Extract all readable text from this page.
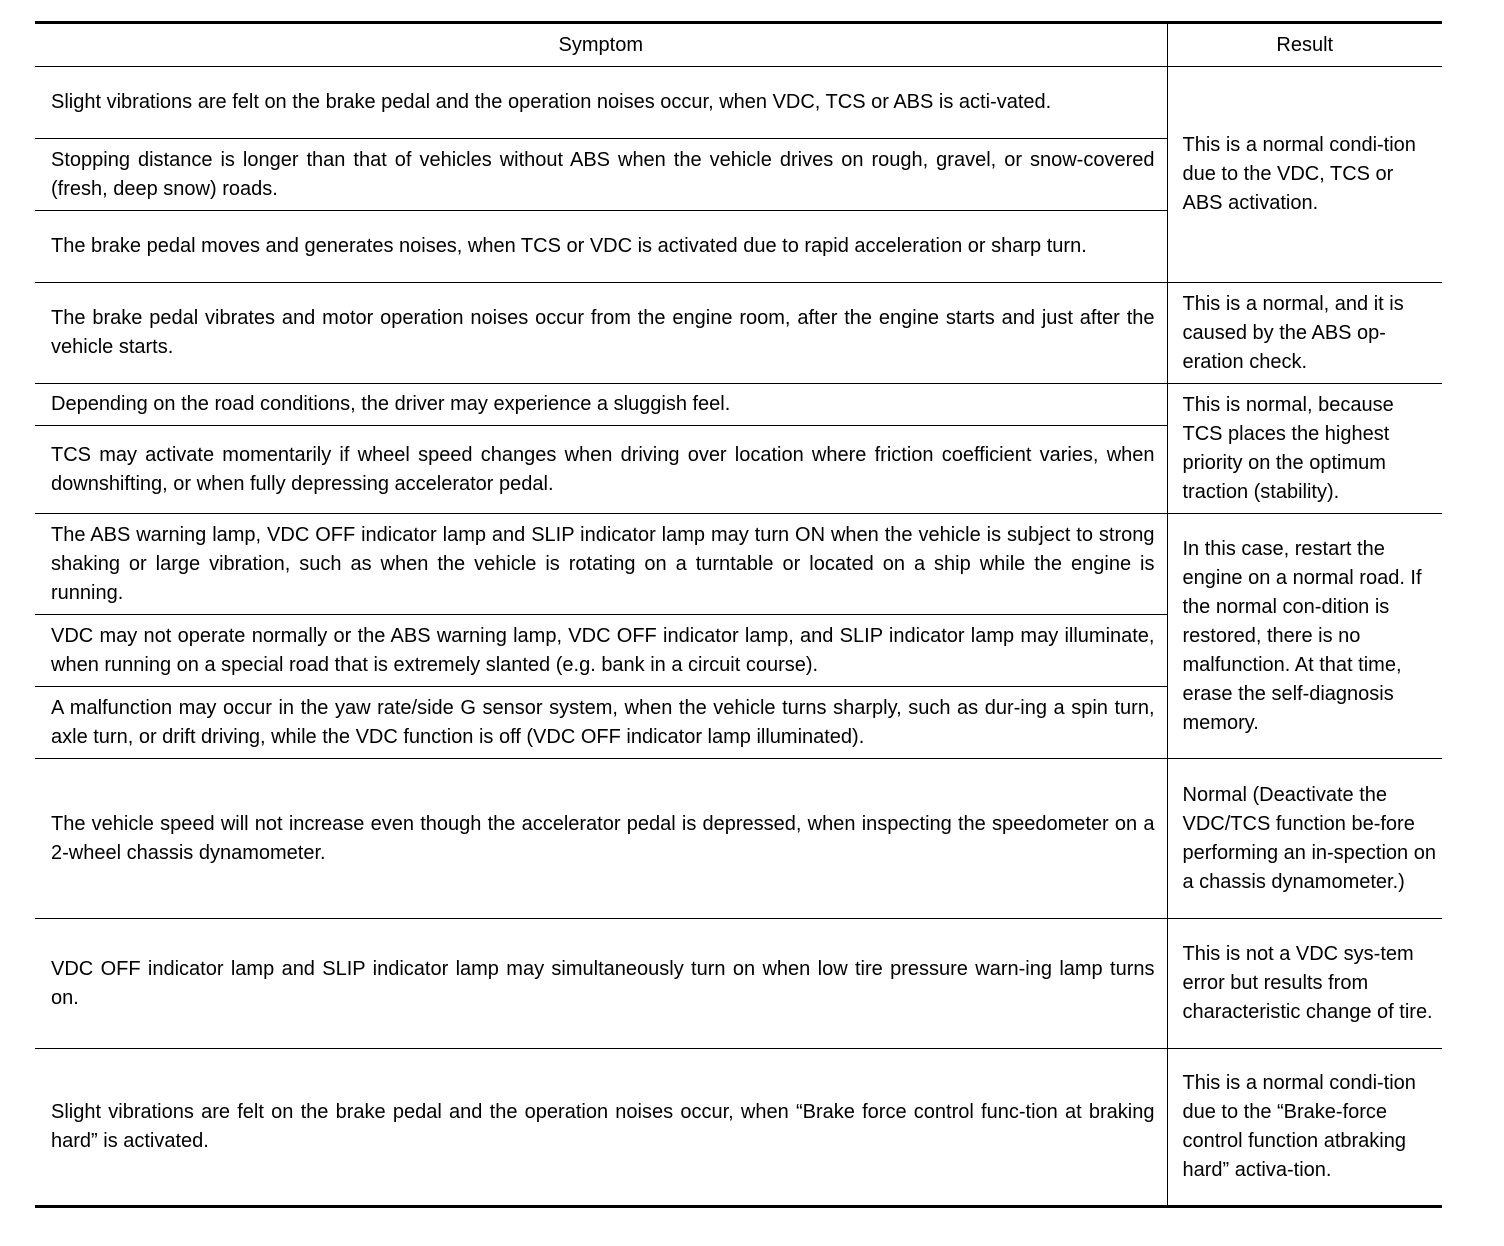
Symptom	Result
Slight vibrations are felt on the brake pedal and the operation noises occur, when VDC, TCS or ABS is acti-vated.	This is a normal condi-tion due to the VDC, TCS or ABS activation.
Stopping distance is longer than that of vehicles without ABS when the vehicle drives on rough, gravel, or snow-covered (fresh, deep snow) roads.	
The brake pedal moves and generates noises, when TCS or VDC is activated due to rapid acceleration or sharp turn.	
The brake pedal vibrates and motor operation noises occur from the engine room, after the engine starts and just after the vehicle starts.	This is a normal, and it is caused by the ABS op-eration check.
Depending on the road conditions, the driver may experience a sluggish feel.	This is normal, because TCS places the highest priority on the optimum traction (stability).
TCS may activate momentarily if wheel speed changes when driving over location where friction coefficient varies, when downshifting, or when fully depressing accelerator pedal.	
The ABS warning lamp, VDC OFF indicator lamp and SLIP indicator lamp may turn ON when the vehicle is subject to strong shaking or large vibration, such as when the vehicle is rotating on a turntable or located on a ship while the engine is running.	In this case, restart the engine on a normal road. If the normal con-dition is restored, there is no malfunction. At that time, erase the self-diagnosis memory.
VDC may not operate normally or the ABS warning lamp, VDC OFF indicator lamp, and SLIP indicator lamp may illuminate, when running on a special road that is extremely slanted (e.g. bank in a circuit course).	
A malfunction may occur in the yaw rate/side G sensor system, when the vehicle turns sharply, such as dur-ing a spin turn, axle turn, or drift driving, while the VDC function is off (VDC OFF indicator lamp illuminated).	
The vehicle speed will not increase even though the accelerator pedal is depressed, when inspecting the speedometer on a 2-wheel chassis dynamometer.	Normal (Deactivate the VDC/TCS function be-fore performing an in-spection on a chassis dynamometer.)
VDC OFF indicator lamp and SLIP indicator lamp may simultaneously turn on when low tire pressure warn-ing lamp turns on.	This is not a VDC sys-tem error but results from characteristic change of tire.
Slight vibrations are felt on the brake pedal and the operation noises occur, when “Brake force control func-tion at braking hard” is activated.	This is a normal condi-tion due to the “Brake-force control function atbraking hard” activa-tion.
